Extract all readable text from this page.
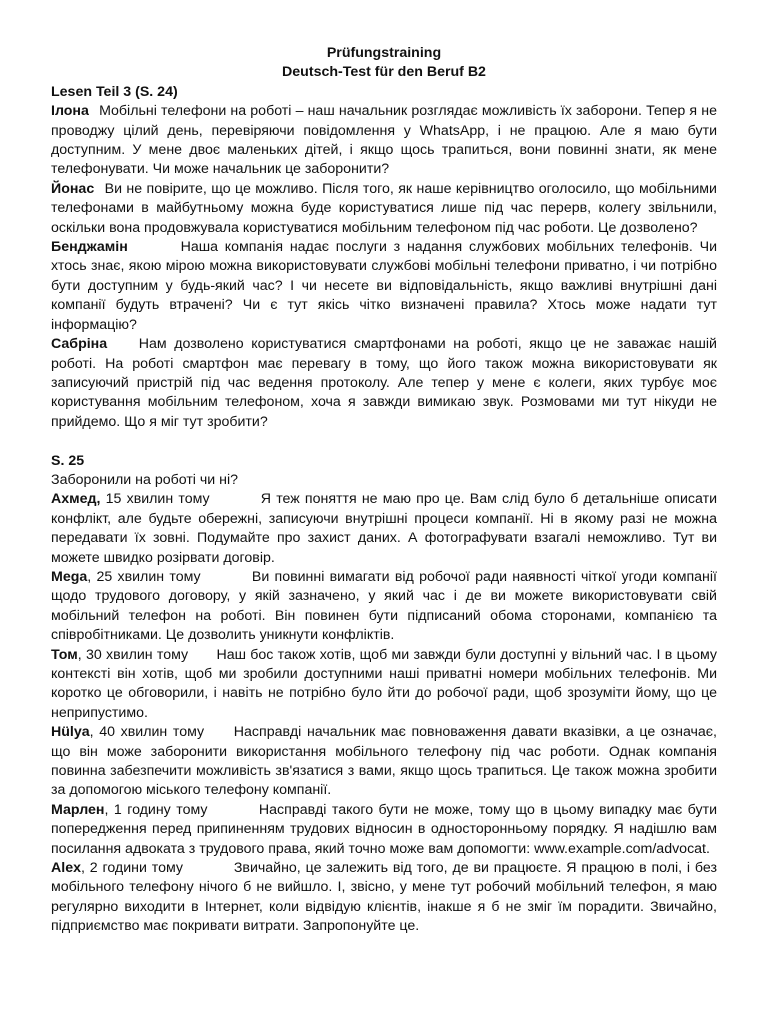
Prüfungstraining
Deutsch-Test für den Beruf B2
Lesen Teil 3 (S. 24)

Ілона Мобільні телефони на роботі – наш начальник розглядає можливість їх заборони. Тепер я не проводжу цілий день, перевіряючи повідомлення у WhatsApp, і не працюю. Але я маю бути доступним. У мене двоє маленьких дітей, і якщо щось трапиться, вони повинні знати, як мене телефонувати. Чи може начальник це заборонити?

Йонас Ви не повірите, що це можливо. Після того, як наше керівництво оголосило, що мобільними телефонами в майбутньому можна буде користуватися лише під час перерв, колегу звільнили, оскільки вона продовжувала користуватися мобільним телефоном під час роботи. Це дозволено?

Бенджамін	Наша компанія надає послуги з надання службових мобільних телефонів. Чи хтось знає, якою мірою можна використовувати службові мобільні телефони приватно, і чи потрібно бути доступним у будь-який час? І чи несете ви відповідальність, якщо важливі внутрішні дані компанії будуть втрачені? Чи є тут якісь чітко визначені правила? Хтось може надати тут інформацію?

Сабріна Нам дозволено користуватися смартфонами на роботі, якщо це не заважає нашій роботі. На роботі смартфон має перевагу в тому, що його також можна використовувати як записуючий пристрій під час ведення протоколу. Але тепер у мене є колеги, яких турбує моє користування мобільним телефоном, хоча я завжди вимикаю звук. Розмовами ми тут нікуди не прийдемо. Що я міг тут зробити?

S. 25
Заборонили на роботі чи ні?

Ахмед, 15 хвилин тому	Я теж поняття не маю про це. Вам слід було б детальніше описати конфлікт, але будьте обережні, записуючи внутрішні процеси компанії. Ні в якому разі не можна передавати їх зовні. Подумайте про захист даних. А фотографувати взагалі неможливо. Тут ви можете швидко розірвати договір.

Mega, 25 хвилин тому	Ви повинні вимагати від робочої ради наявності чіткої угоди компанії щодо трудового договору, у якій зазначено, у який час і де ви можете використовувати свій мобільний телефон на роботі. Він повинен бути підписаний обома сторонами, компанією та співробітниками. Це дозволить уникнути конфліктів.

Том, 30 хвилин тому Наш бос також хотів, щоб ми завжди були доступні у вільний час. І в цьому контексті він хотів, щоб ми зробили доступними наші приватні номери мобільних телефонів. Ми коротко це обговорили, і навіть не потрібно було йти до робочої ради, щоб зрозуміти йому, що це неприпустимо.

Hülya, 40 хвилин тому Насправді начальник має повноваження давати вказівки, а це означає, що він може заборонити використання мобільного телефону під час роботи. Однак компанія повинна забезпечити можливість зв'язатися з вами, якщо щось трапиться. Це також можна зробити за допомогою міського телефону компанії.

Марлен, 1 годину тому	Насправді такого бути не може, тому що в цьому випадку має бути попередження перед припиненням трудових відносин в односторонньому порядку. Я надішлю вам посилання адвоката з трудового права, який точно може вам допомогти: www.example.com/advocat.

Alex, 2 години тому	Звичайно, це залежить від того, де ви працюєте. Я працюю в полі, і без мобільного телефону нічого б не вийшло. І, звісно, у мене тут робочий мобільний телефон, я маю регулярно виходити в Інтернет, коли відвідую клієнтів, інакше я б не зміг їм порадити. Звичайно, підприємство має покривати витрати. Запропонуйте це.
